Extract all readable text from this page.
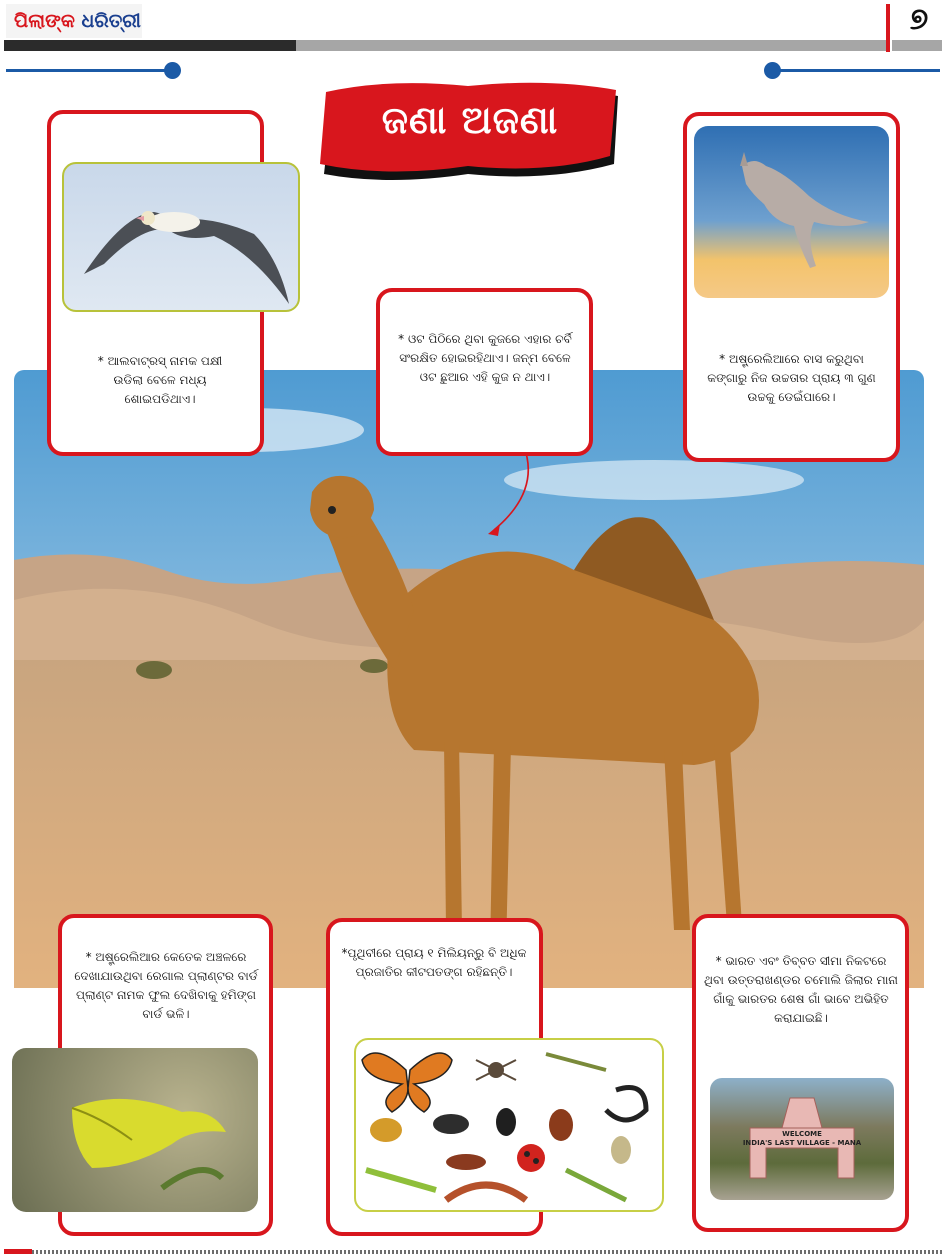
ପିଲାଙ୍କ ଧରିତ୍ରୀ	୭
ଜଣା ଅଜଣା
* ଆଲବାଟ୍ରସ୍ ନାମକ ପକ୍ଷୀ ଉଡିଲା ବେଳେ ମଧ୍ୟ ଶୋଇପଡିଥାଏ।
* ଓଟ ପିଠିରେ ଥିବା କୁଜରେ ଏହାର ଚର୍ବି ସଂରକ୍ଷିତ ହୋଇରହିଥାଏ। ଜନ୍ମ ବେଳେ ଓଟ ଛୁଆର ଏହି କୁଜ ନ ଥାଏ।
* ଅଷ୍ଟ୍ରେଲିଆରେ ବାସ କରୁଥିବା କଙ୍ଗାରୁ ନିଜ ଉଚ୍ଚତାର ପ୍ରାୟ ୩ ଗୁଣ ଉଚ୍ଚକୁ ଡେଇଁପାରେ।
* ଅଷ୍ଟ୍ରେଲିଆର କେତେକ ଅଞ୍ଚଳରେ ଦେଖାଯାଉଥିବା ରେଗାଲ ପ୍ଲାଣ୍ଟର ବାର୍ଡ ପ୍ଲାଣ୍ଟ ନାମକ ଫୁଲ ଦେଖିବାକୁ ହମିଙ୍ଗ ବାର୍ଡ ଭଳି।
*ପୃଥିବୀରେ ପ୍ରାୟ ୧ ମିଲିୟନ୍‌ରୁ ବି ଅଧିକ ପ୍ରଜାତିର କୀଟପତଙ୍ଗ ରହିଛନ୍ତି।
* ଭାରତ ଏବଂ ତିବ୍ବତ ସୀମା ନିକଟରେ ଥିବା ଉତ୍ତରାଖଣ୍ଡର ଚମୋଲି ଜିଲାର ମାନା ଗାଁକୁ ଭାରତର ଶେଷ ଗାଁ ଭାବେ ଅଭିହିତ କରାଯାଇଛି।
WELCOME
INDIA'S LAST VILLAGE - MANA
